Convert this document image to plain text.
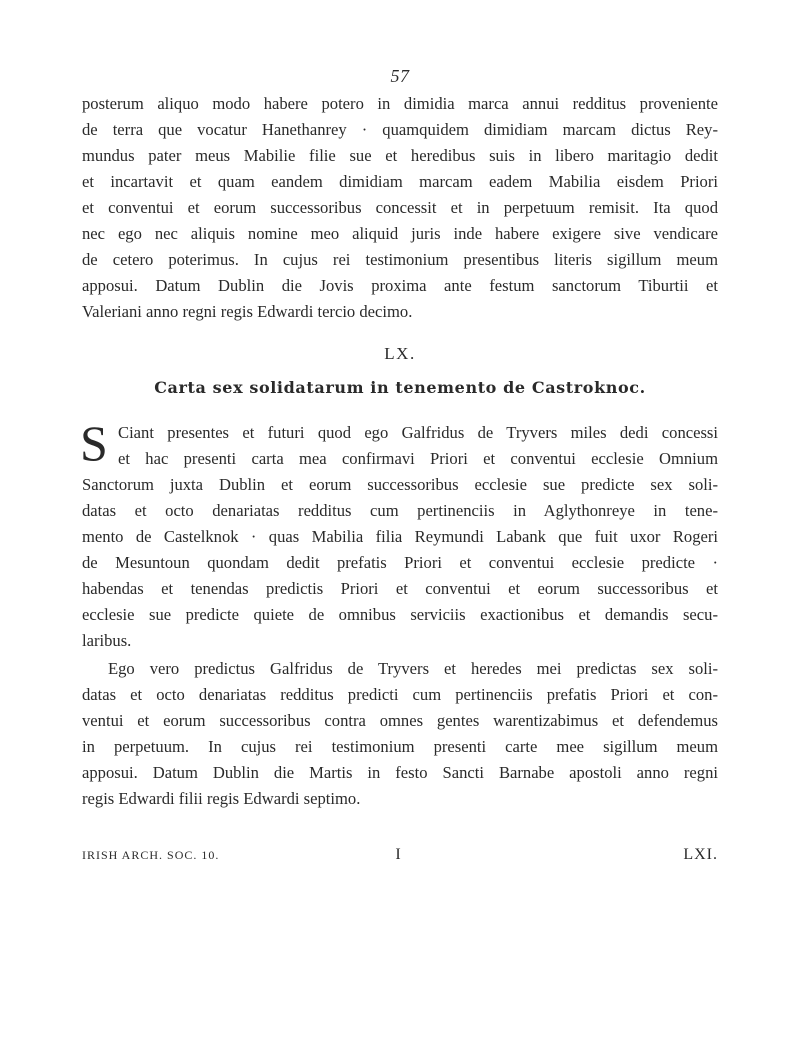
57
posterum aliquo modo habere potero in dimidia marca annui redditus proveniente
de terra que vocatur Hanethanrey · quamquidem dimidiam marcam dictus Rey-
mundus pater meus Mabilie filie sue et heredibus suis in libero maritagio dedit
et incartavit et quam eandem dimidiam marcam eadem Mabilia eisdem Priori
et conventui et eorum successoribus concessit et in perpetuum remisit. Ita quod
nec ego nec aliquis nomine meo aliquid juris inde habere exigere sive vendicare
de cetero poterimus. In cujus rei testimonium presentibus literis sigillum meum
apposui. Datum Dublin die Jovis proxima ante festum sanctorum Tiburtii et
Valeriani anno regni regis Edwardi tercio decimo.
LX.
Carta sex solidatarum in tenemento de Castroknoc.
S Ciant presentes et futuri quod ego Galfridus de Tryvers miles dedi concessi
et hac presenti carta mea confirmavi Priori et conventui ecclesie Omnium
Sanctorum juxta Dublin et eorum successoribus ecclesie sue predicte sex soli-
datas et octo denariatas redditus cum pertinenciis in Aglythonreye in tene-
mento de Castelknok · quas Mabilia filia Reymundi Labank que fuit uxor Rogeri
de Mesuntoun quondam dedit prefatis Priori et conventui ecclesie predicte ·
habendas et tenendas predictis Priori et conventui et eorum successoribus et
ecclesie sue predicte quiete de omnibus serviciis exactionibus et demandis secu-
laribus.
Ego vero predictus Galfridus de Tryvers et heredes mei predictas sex soli-
datas et octo denariatas redditus predicti cum pertinenciis prefatis Priori et con-
ventui et eorum successoribus contra omnes gentes warentizabimus et defendemus
in perpetuum. In cujus rei testimonium presenti carte mee sigillum meum
apposui. Datum Dublin die Martis in festo Sancti Barnabe apostoli anno regni
regis Edwardi filii regis Edwardi septimo.
IRISH ARCH. SOC. 10.	I	LXI.
